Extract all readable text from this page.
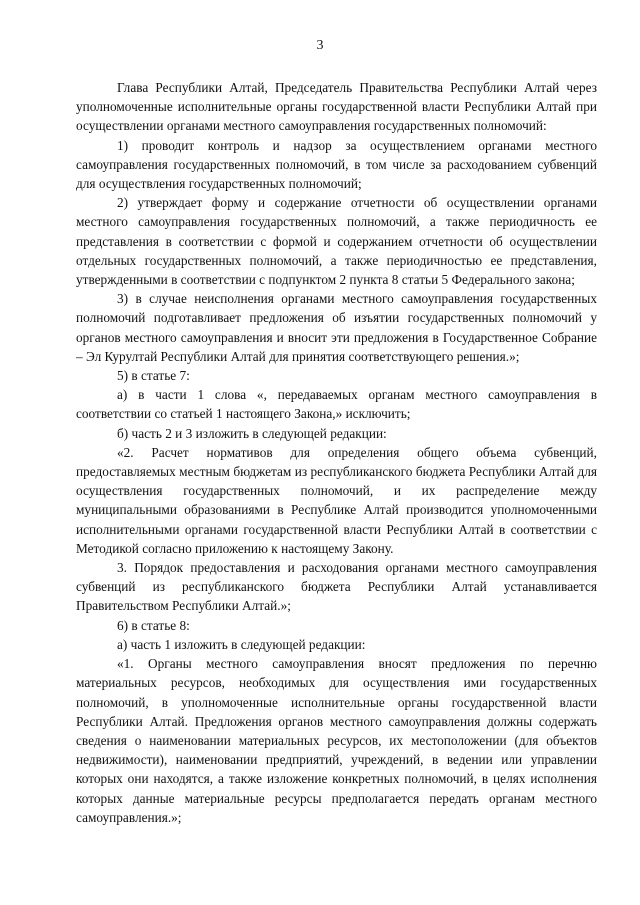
3

Глава Республики Алтай, Председатель Правительства Республики Алтай через уполномоченные исполнительные органы государственной власти Республики Алтай при осуществлении органами местного самоуправления государственных полномочий:

1) проводит контроль и надзор за осуществлением органами местного самоуправления государственных полномочий, в том числе за расходованием субвенций для осуществления государственных полномочий;

2) утверждает форму и содержание отчетности об осуществлении органами местного самоуправления государственных полномочий, а также периодичность ее представления в соответствии с формой и содержанием отчетности об осуществлении отдельных государственных полномочий, а также периодичностью ее представления, утвержденными в соответствии с подпунктом 2 пункта 8 статьи 5 Федерального закона;

3) в случае неисполнения органами местного самоуправления государственных полномочий подготавливает предложения об изъятии государственных полномочий у органов местного самоуправления и вносит эти предложения в Государственное Собрание – Эл Курултай Республики Алтай для принятия соответствующего решения.»;

5) в статье 7:

а) в части 1 слова «, передаваемых органам местного самоуправления в соответствии со статьей 1 настоящего Закона,» исключить;

б) часть 2 и 3 изложить в следующей редакции:

«2. Расчет нормативов для определения общего объема субвенций, предоставляемых местным бюджетам из республиканского бюджета Республики Алтай для осуществления государственных полномочий, и их распределение между муниципальными образованиями в Республике Алтай производится уполномоченными исполнительными органами государственной власти Республики Алтай в соответствии с Методикой согласно приложению к настоящему Закону.

3. Порядок предоставления и расходования органами местного самоуправления субвенций из республиканского бюджета Республики Алтай устанавливается Правительством Республики Алтай.»;

6) в статье 8:

а) часть 1 изложить в следующей редакции:

«1. Органы местного самоуправления вносят предложения по перечню материальных ресурсов, необходимых для осуществления ими государственных полномочий, в уполномоченные исполнительные органы государственной власти Республики Алтай. Предложения органов местного самоуправления должны содержать сведения о наименовании материальных ресурсов, их местоположении (для объектов недвижимости), наименовании предприятий, учреждений, в ведении или управлении которых они находятся, а также изложение конкретных полномочий, в целях исполнения которых данные материальные ресурсы предполагается передать органам местного самоуправления.»;
